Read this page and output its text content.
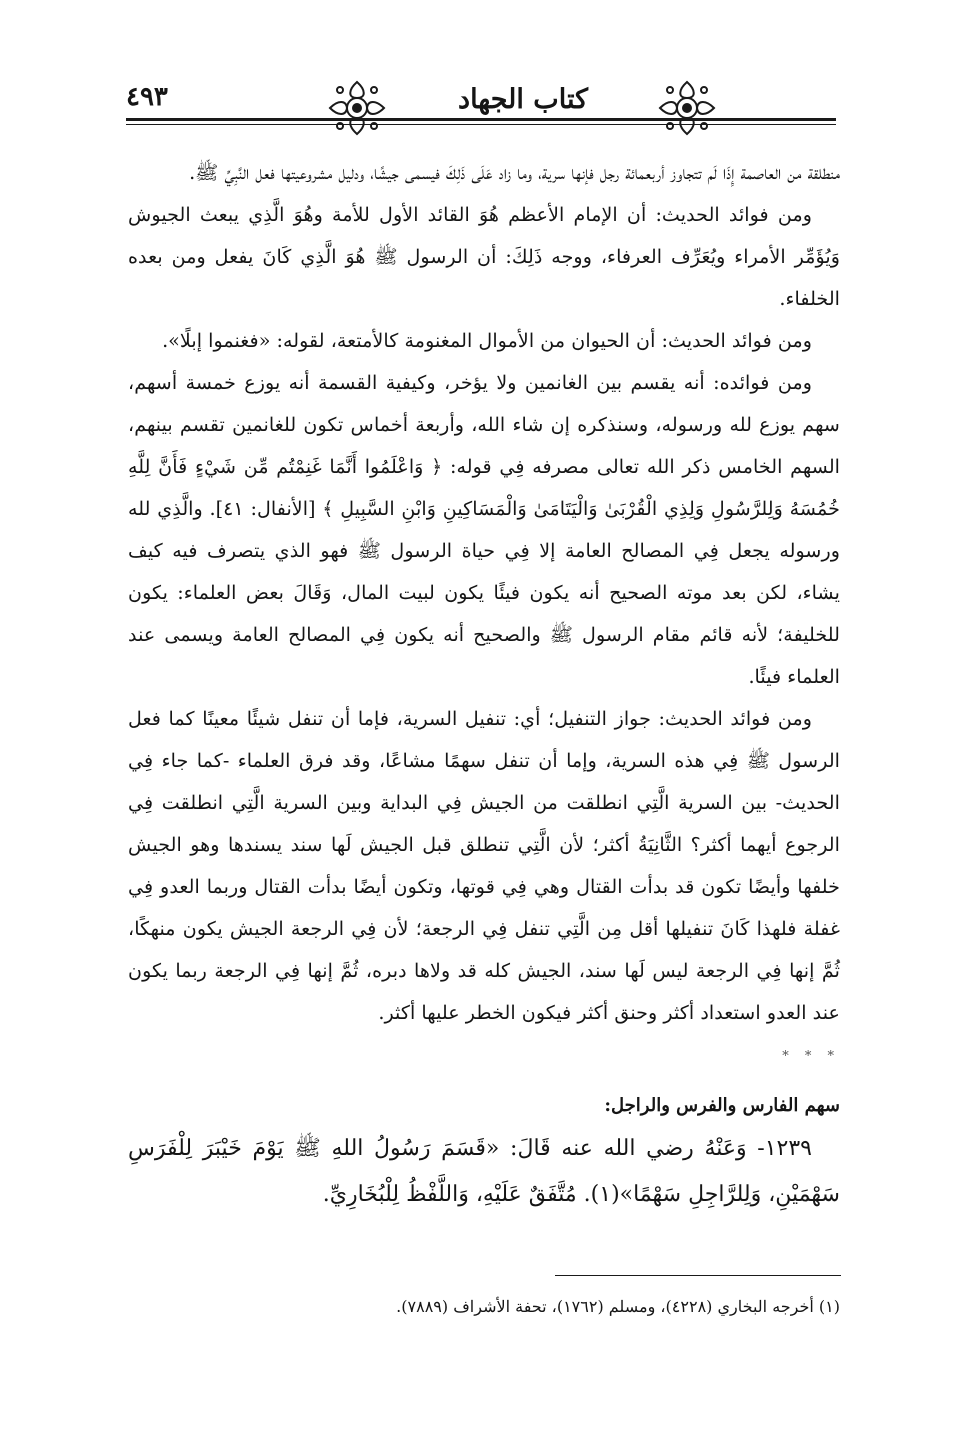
٤٩٣	كتاب الجهاد

منطلقة من العاصمة إِذَا لَم تتجاوز أربعمائة رجل فإنها سرية، وما زاد عَلَى ذَلِكَ فيسمى جيشًا، ودليل مشروعيتها فعل النَّبِيِّ ﷺ.

ومن فوائد الحديث: أن الإمام الأعظم هُوَ القائد الأول للأمة وهُوَ الَّذِي يبعث الجيوش وَيُؤَمِّر الأمراء ويُعَرِّف العرفاء، ووجه ذَلِكَ: أن الرسول ﷺ هُوَ الَّذِي كَانَ يفعل ومن بعده الخلفاء.

ومن فوائد الحديث: أن الحيوان من الأموال المغنومة كالأمتعة، لقوله: «فغنموا إبلًا».

ومن فوائده: أنه يقسم بين الغانمين ولا يؤخر، وكيفية القسمة أنه يوزع خمسة أسهم، سهم يوزع لله ورسوله، وسنذكره إن شاء الله، وأربعة أخماس تكون للغانمين تقسم بينهم، السهم الخامس ذكر الله تعالى مصرفه فِي قوله: ﴿ وَاعْلَمُوا أَنَّمَا غَنِمْتُم مِّن شَيْءٍ فَأَنَّ لِلَّهِ خُمُسَهُ وَلِلرَّسُولِ وَلِذِي الْقُرْبَىٰ وَالْيَتَامَىٰ وَالْمَسَاكِينِ وَابْنِ السَّبِيلِ ﴾ [الأنفال: ٤١]. والَّذِي لله ورسوله يجعل فِي المصالح العامة إلا فِي حياة الرسول ﷺ فهو الذي يتصرف فيه كيف يشاء، لكن بعد موته الصحيح أنه يكون فيئًا يكون لبيت المال، وَقَالَ بعض العلماء: يكون للخليفة؛ لأنه قائم مقام الرسول ﷺ والصحيح أنه يكون فِي المصالح العامة ويسمى عند العلماء فيئًا.

ومن فوائد الحديث: جواز التنفيل؛ أي: تنفيل السرية، فإما أن تنفل شيئًا معينًا كما فعل الرسول ﷺ فِي هذه السرية، وإما أن تنفل سهمًا مشاعًا، وقد فرق العلماء -كما جاء فِي الحديث- بين السرية الَّتِي انطلقت من الجيش فِي البداية وبين السرية الَّتِي انطلقت فِي الرجوع أيهما أكثر؟ الثَّانِيَةُ أكثر؛ لأن الَّتِي تنطلق قبل الجيش لَها سند يسندها وهو الجيش خلفها وأيضًا تكون قد بدأت القتال وهي فِي قوتها، وتكون أيضًا بدأت القتال وربما العدو فِي غفلة فلهذا كَانَ تنفيلها أقل مِن الَّتِي تنفل فِي الرجعة؛ لأن فِي الرجعة الجيش يكون منهكًا، ثُمَّ إنها فِي الرجعة ليس لَها سند، الجيش كله قد ولاها دبره، ثُمَّ إنها فِي الرجعة ربما يكون عند العدو استعداد أكثر وحنق أكثر فيكون الخطر عليها أكثر.

* * *
سهم الفارس والفرس والراجل:

١٢٣٩- وَعَنْهُ رضي الله عنه قَالَ: «قَسَمَ رَسُولُ اللهِ ﷺ يَوْمَ خَيْبَرَ لِلْفَرَسِ سَهْمَيْنِ، وَلِلرَّاجِلِ سَهْمًا»(١). مُتَّفَقٌ عَلَيْهِ، وَاللَّفْظُ لِلْبُخَارِيِّ.

(١) أخرجه البخاري (٤٢٢٨)، ومسلم (١٧٦٢)، تحفة الأشراف (٧٨٨٩).
